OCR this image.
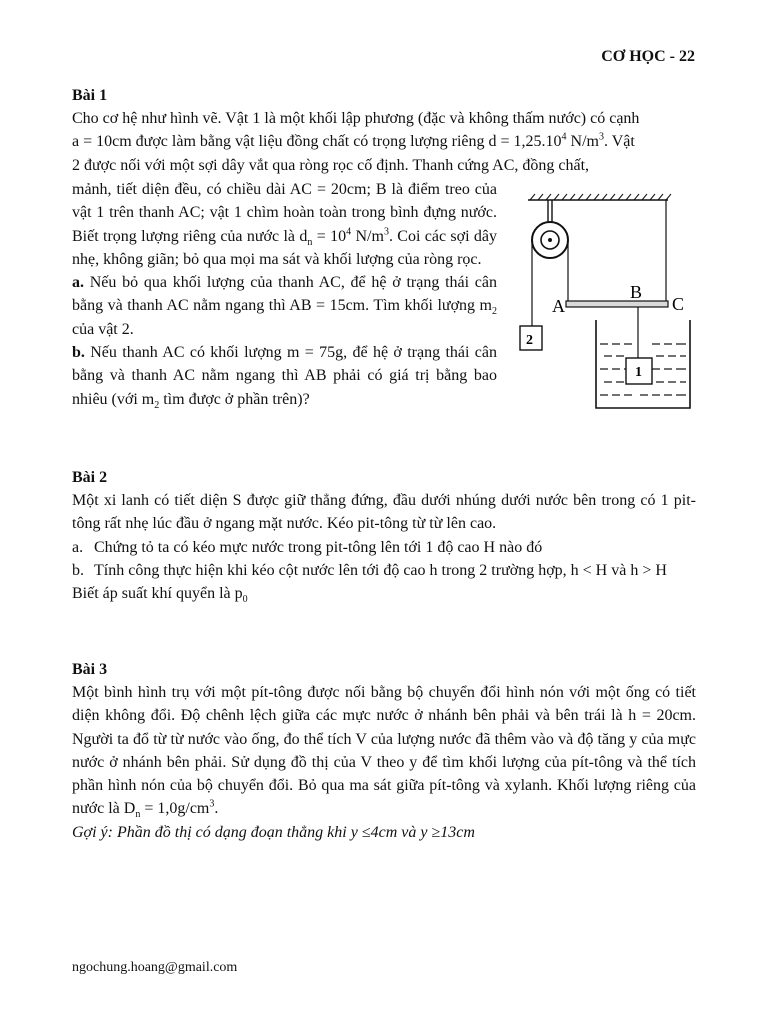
CƠ HỌC - 22
Bài 1
Cho cơ hệ như hình vẽ. Vật 1 là một khối lập phương (đặc và không thấm nước) có cạnh
a = 10cm được làm bằng vật liệu đồng chất có trọng lượng riêng $d = 1,25.10^4$ $N/m^3$. Vật
2 được nối với một sợi dây vắt qua ròng rọc cố định. Thanh cứng AC, đồng chất,
mảnh, tiết diện đều, có chiều dài AC = 20cm; B là điểm treo của vật 1 trên thanh AC; vật 1 chìm hoàn toàn trong bình đựng nước. Biết trọng lượng riêng của nước là $d_n = 10^4$ $N/m^3$. Coi các sợi dây nhẹ, không giãn; bỏ qua mọi ma sát và khối lượng của ròng rọc.
a. Nếu bỏ qua khối lượng của thanh AC, để hệ ở trạng thái cân bằng và thanh AC nằm ngang thì AB = 15cm. Tìm khối lượng $m_2$ của vật 2.
b. Nếu thanh AC có khối lượng m = 75g, để hệ ở trạng thái cân bằng và thanh AC nằm ngang thì AB phải có giá trị bằng bao nhiêu (với $m_2$ tìm được ở phần trên)?
A
B
C
2
1
Bài 2
Một xi lanh có tiết diện S được giữ thẳng đứng, đầu dưới nhúng dưới nước bên trong có 1 pit-tông rất nhẹ lúc đầu ở ngang mặt nước. Kéo pit-tông từ từ lên cao.
a. Chứng tỏ ta có kéo mực nước trong pit-tông lên tới 1 độ cao H nào đó
b. Tính công thực hiện khi kéo cột nước lên tới độ cao h trong 2 trường hợp, h < H và h > H
Biết áp suất khí quyển là $p_0$
Bài 3
Một bình hình trụ với một pít-tông được nối bằng bộ chuyển đổi hình nón với một ống có tiết diện không đổi. Độ chênh lệch giữa các mực nước ở nhánh bên phải và bên trái là h = 20cm. Người ta đổ từ từ nước vào ống, đo thể tích V của lượng nước đã thêm vào và độ tăng y của mực nước ở nhánh bên phải. Sử dụng đồ thị của V theo y để tìm khối lượng của pít-tông và thể tích phần hình nón của bộ chuyển đổi. Bỏ qua ma sát giữa pít-tông và xylanh. Khối lượng riêng của nước là $D_n = 1,0g/cm^3$.
Gợi ý: Phần đồ thị có dạng đoạn thẳng khi y ≤4cm và y ≥13cm
ngochung.hoang@gmail.com
